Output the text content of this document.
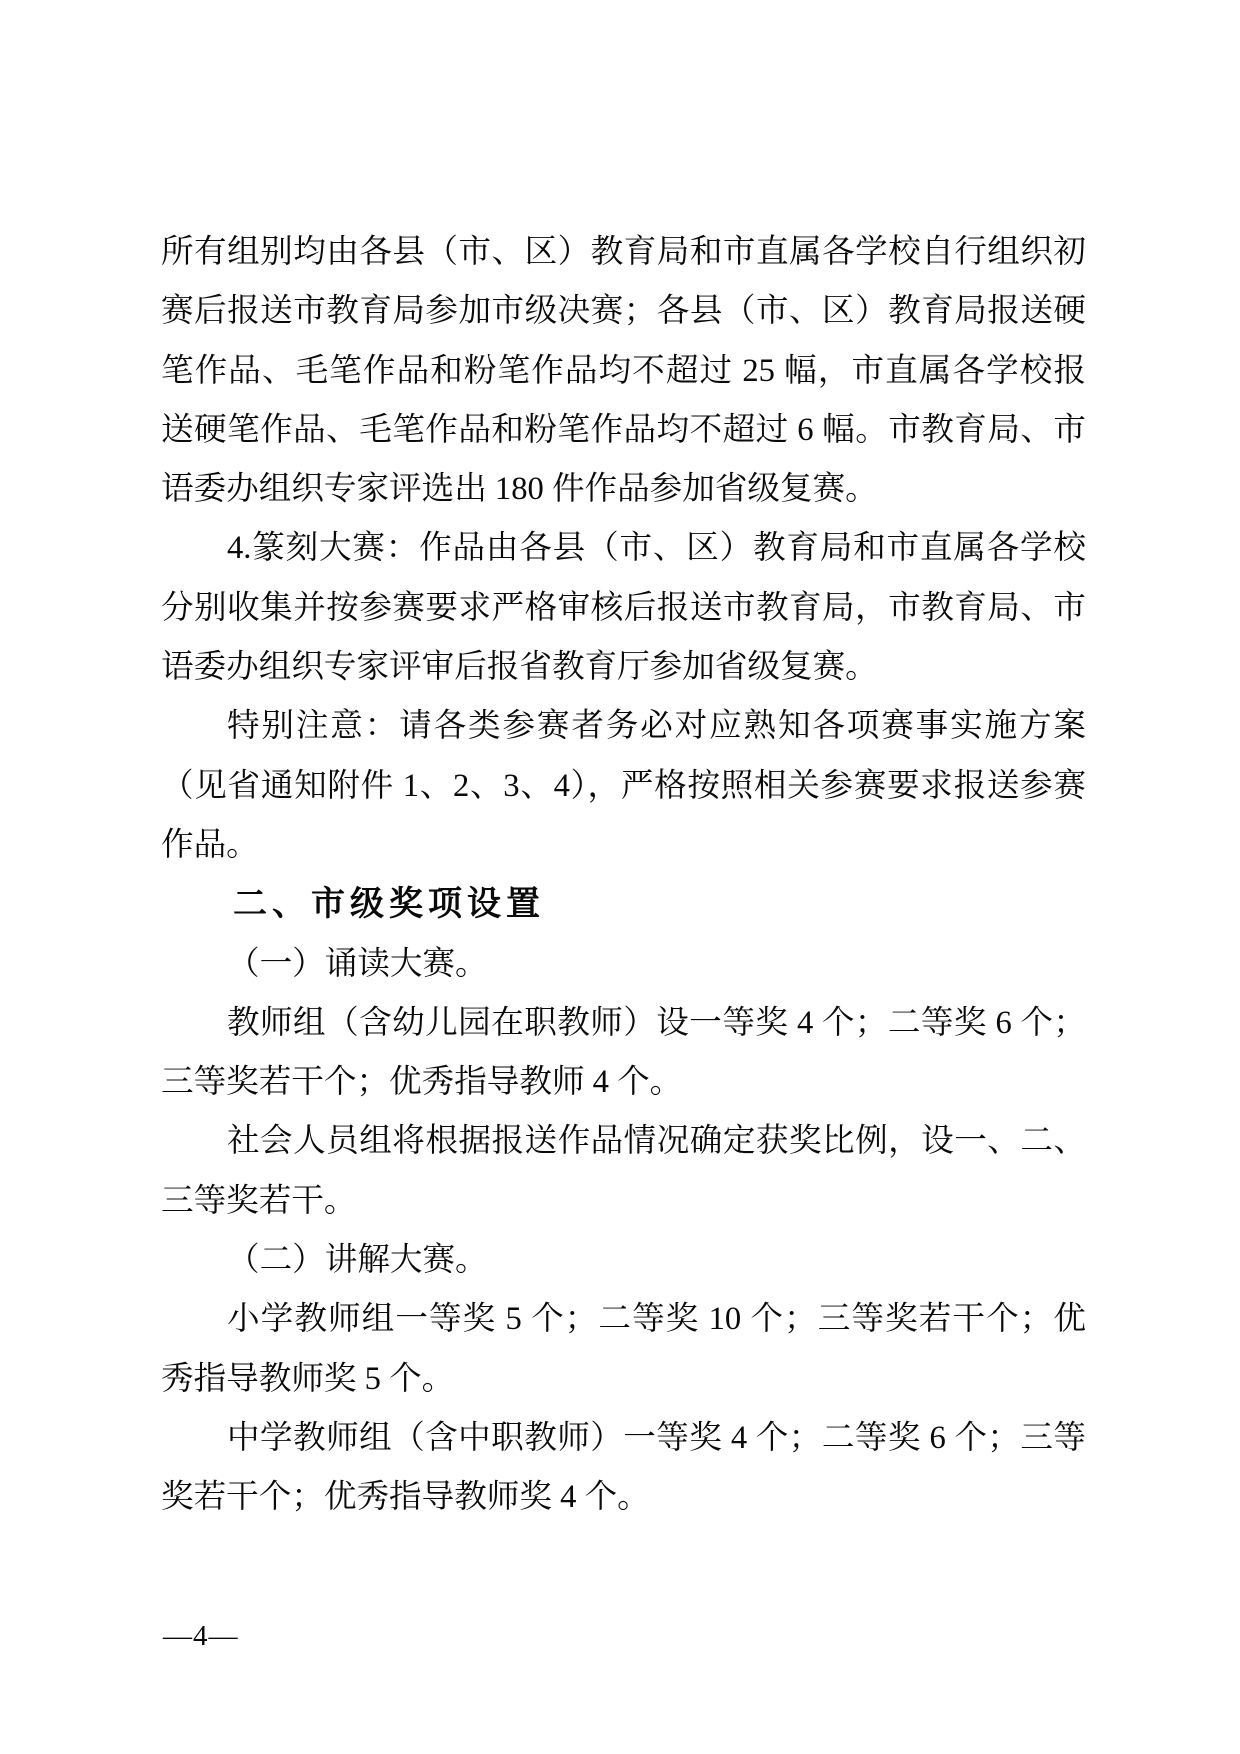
所有组别均由各县（市、区）教育局和市直属各学校自行组织初
赛后报送市教育局参加市级决赛；各县（市、区）教育局报送硬
笔作品、毛笔作品和粉笔作品均不超过 25 幅，市直属各学校报
送硬笔作品、毛笔作品和粉笔作品均不超过 6 幅。市教育局、市
语委办组织专家评选出 180 件作品参加省级复赛。
4.篆刻大赛：作品由各县（市、区）教育局和市直属各学校
分别收集并按参赛要求严格审核后报送市教育局，市教育局、市
语委办组织专家评审后报省教育厅参加省级复赛。
特别注意：请各类参赛者务必对应熟知各项赛事实施方案
（见省通知附件 1、2、3、4），严格按照相关参赛要求报送参赛
作品。
二、市级奖项设置
（一）诵读大赛。
教师组（含幼儿园在职教师）设一等奖 4 个；二等奖 6 个；
三等奖若干个；优秀指导教师 4 个。
社会人员组将根据报送作品情况确定获奖比例，设一、二、
三等奖若干。
（二）讲解大赛。
小学教师组一等奖 5 个；二等奖 10 个；三等奖若干个；优
秀指导教师奖 5 个。
中学教师组（含中职教师）一等奖 4 个；二等奖 6 个；三等
奖若干个；优秀指导教师奖 4 个。
—4—
